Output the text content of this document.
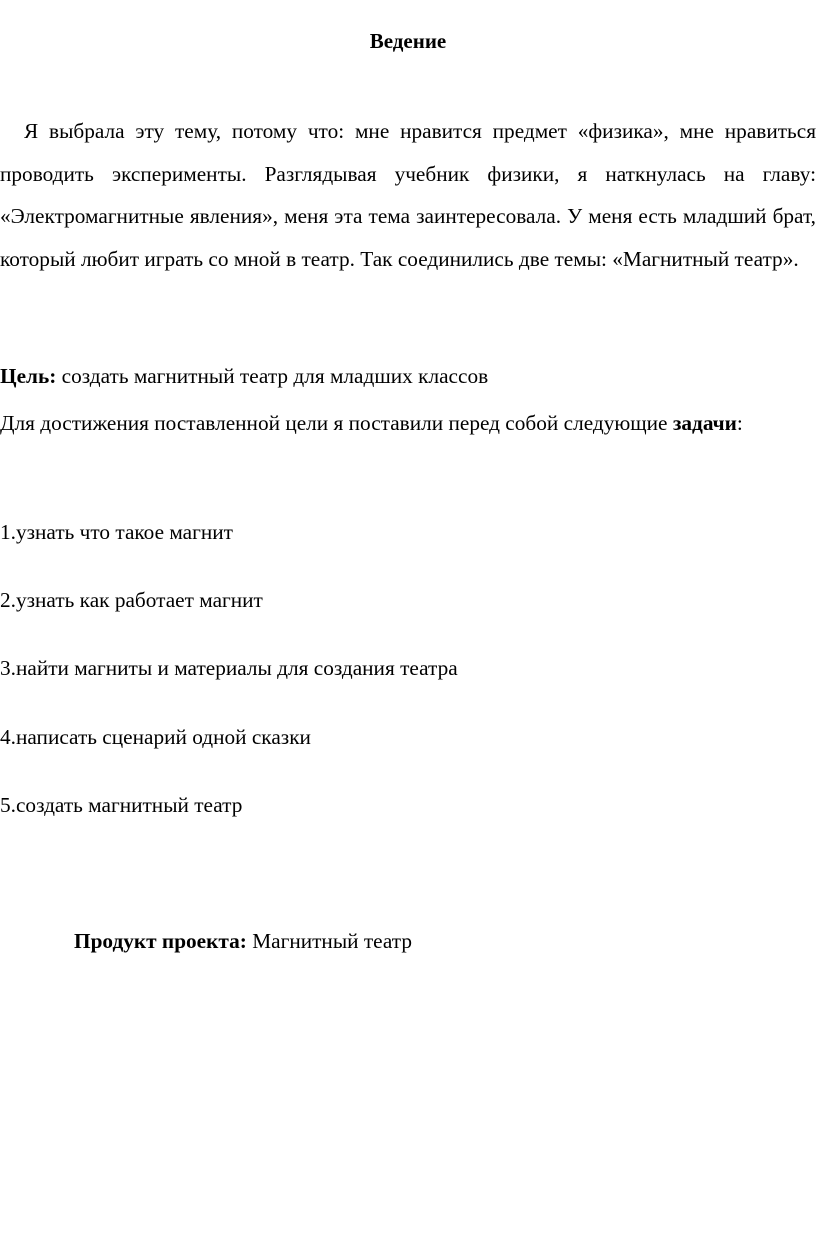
Ведение

Я выбрала эту тему, потому что: мне нравится предмет «физика», мне нравиться проводить эксперименты. Разглядывая учебник физики, я наткнулась на главу: «Электромагнитные явления», меня эта тема заинтересовала. У меня есть младший брат, который любит играть со мной в театр. Так соединились две темы: «Магнитный театр».

Цель: создать магнитный театр для младших классов

Для достижения поставленной цели я поставили перед собой следующие задачи:

1.узнать что такое магнит

2.узнать как работает магнит

3.найти магниты и материалы для создания театра

4.написать сценарий одной сказки

5.создать магнитный театр

Продукт проекта: Магнитный театр
